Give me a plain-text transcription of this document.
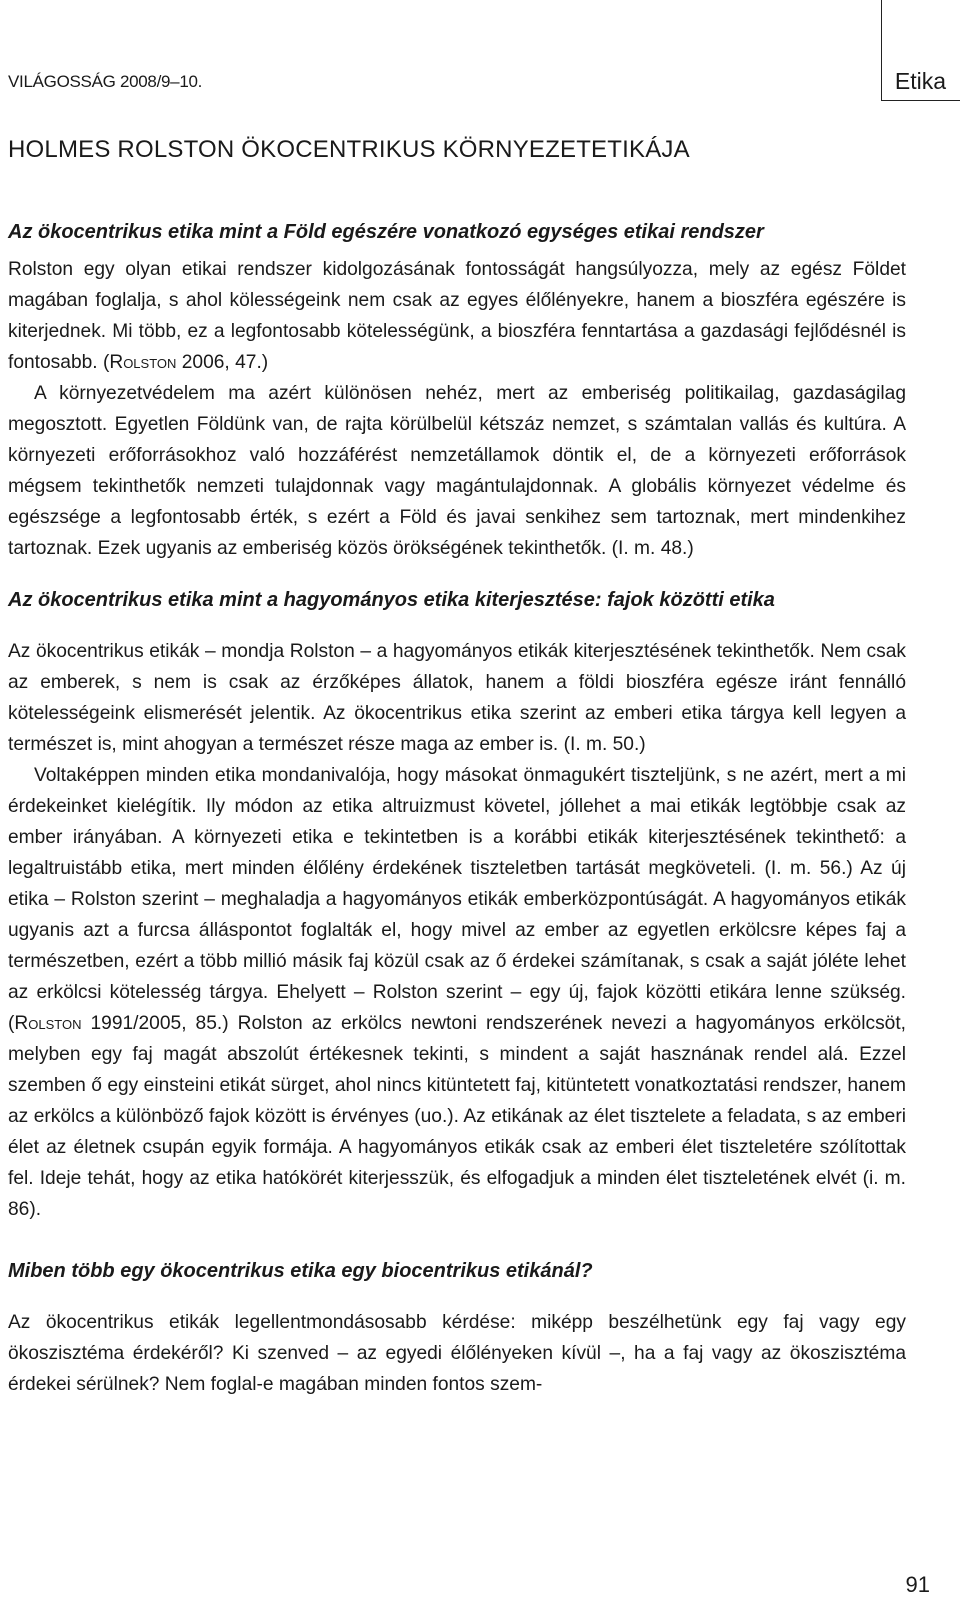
VILÁGOSSÁG 2008/9–10.	Etika
HOLMES ROLSTON ÖKOCENTRIKUS KÖRNYEZETETIKÁJA
Az ökocentrikus etika mint a Föld egészére vonatkozó egységes etikai rendszer

Rolston egy olyan etikai rendszer kidolgozásának fontosságát hangsúlyozza, mely az egész Földet magában foglalja, s ahol kölességeink nem csak az egyes élőlényekre, hanem a bioszféra egészére is kiterjednek. Mi több, ez a legfontosabb kötelességünk, a bioszféra fenntartása a gazdasági fejlődésnél is fontosabb. (Rolston 2006, 47.)

A környezetvédelem ma azért különösen nehéz, mert az emberiség politikailag, gazdaságilag megosztott. Egyetlen Földünk van, de rajta körülbelül kétszáz nemzet, s számtalan vallás és kultúra. A környezeti erőforrásokhoz való hozzáférést nemzetállamok döntik el, de a környezeti erőforrások mégsem tekinthetők nemzeti tulajdonnak vagy magántulajdonnak. A globális környezet védelme és egészsége a legfontosabb érték, s ezért a Föld és javai senkihez sem tartoznak, mert mindenkihez tartoznak. Ezek ugyanis az emberiség közös örökségének tekinthetők. (I. m. 48.)

Az ökocentrikus etika mint a hagyományos etika kiterjesztése: fajok közötti etika

Az ökocentrikus etikák – mondja Rolston – a hagyományos etikák kiterjesztésének tekinthetők. Nem csak az emberek, s nem is csak az érzőképes állatok, hanem a földi bioszféra egésze iránt fennálló kötelességeink elismerését jelentik. Az ökocentrikus etika szerint az emberi etika tárgya kell legyen a természet is, mint ahogyan a természet része maga az ember is. (I. m. 50.)

Voltaképpen minden etika mondanivalója, hogy másokat önmagukért tiszteljünk, s ne azért, mert a mi érdekeinket kielégítik. Ily módon az etika altruizmust követel, jóllehet a mai etikák legtöbbje csak az ember irányában. A környezeti etika e tekintetben is a korábbi etikák kiterjesztésének tekinthető: a legaltruistább etika, mert minden élőlény érdekének tiszteletben tartását megköveteli. (I. m. 56.) Az új etika – Rolston szerint – meghaladja a hagyományos etikák emberközpontúságát. A hagyományos etikák ugyanis azt a furcsa álláspontot foglalták el, hogy mivel az ember az egyetlen erkölcsre képes faj a természetben, ezért a több millió másik faj közül csak az ő érdekei számítanak, s csak a saját jóléte lehet az erkölcsi kötelesség tárgya. Ehelyett – Rolston szerint – egy új, fajok közötti etikára lenne szükség. (Rolston 1991/2005, 85.) Rolston az erkölcs newtoni rendszerének nevezi a hagyományos erkölcsöt, melyben egy faj magát abszolút értékesnek tekinti, s mindent a saját hasznának rendel alá. Ezzel szemben ő egy einsteini etikát sürget, ahol nincs kitüntetett faj, kitüntetett vonatkoztatási rendszer, hanem az erkölcs a különböző fajok között is érvényes (uo.). Az etikának az élet tisztelete a feladata, s az emberi élet az életnek csupán egyik formája. A hagyományos etikák csak az emberi élet tiszteletére szólítottak fel. Ideje tehát, hogy az etika hatókörét kiterjesszük, és elfogadjuk a minden élet tiszteletének elvét (i. m. 86).

Miben több egy ökocentrikus etika egy biocentrikus etikánál?

Az ökocentrikus etikák legellentmondásosabb kérdése: miképp beszélhetünk egy faj vagy egy ökoszisztéma érdekéről? Ki szenved – az egyedi élőlényeken kívül –, ha a faj vagy az ökoszisztéma érdekei sérülnek? Nem foglal-e magában minden fontos szem-

91
